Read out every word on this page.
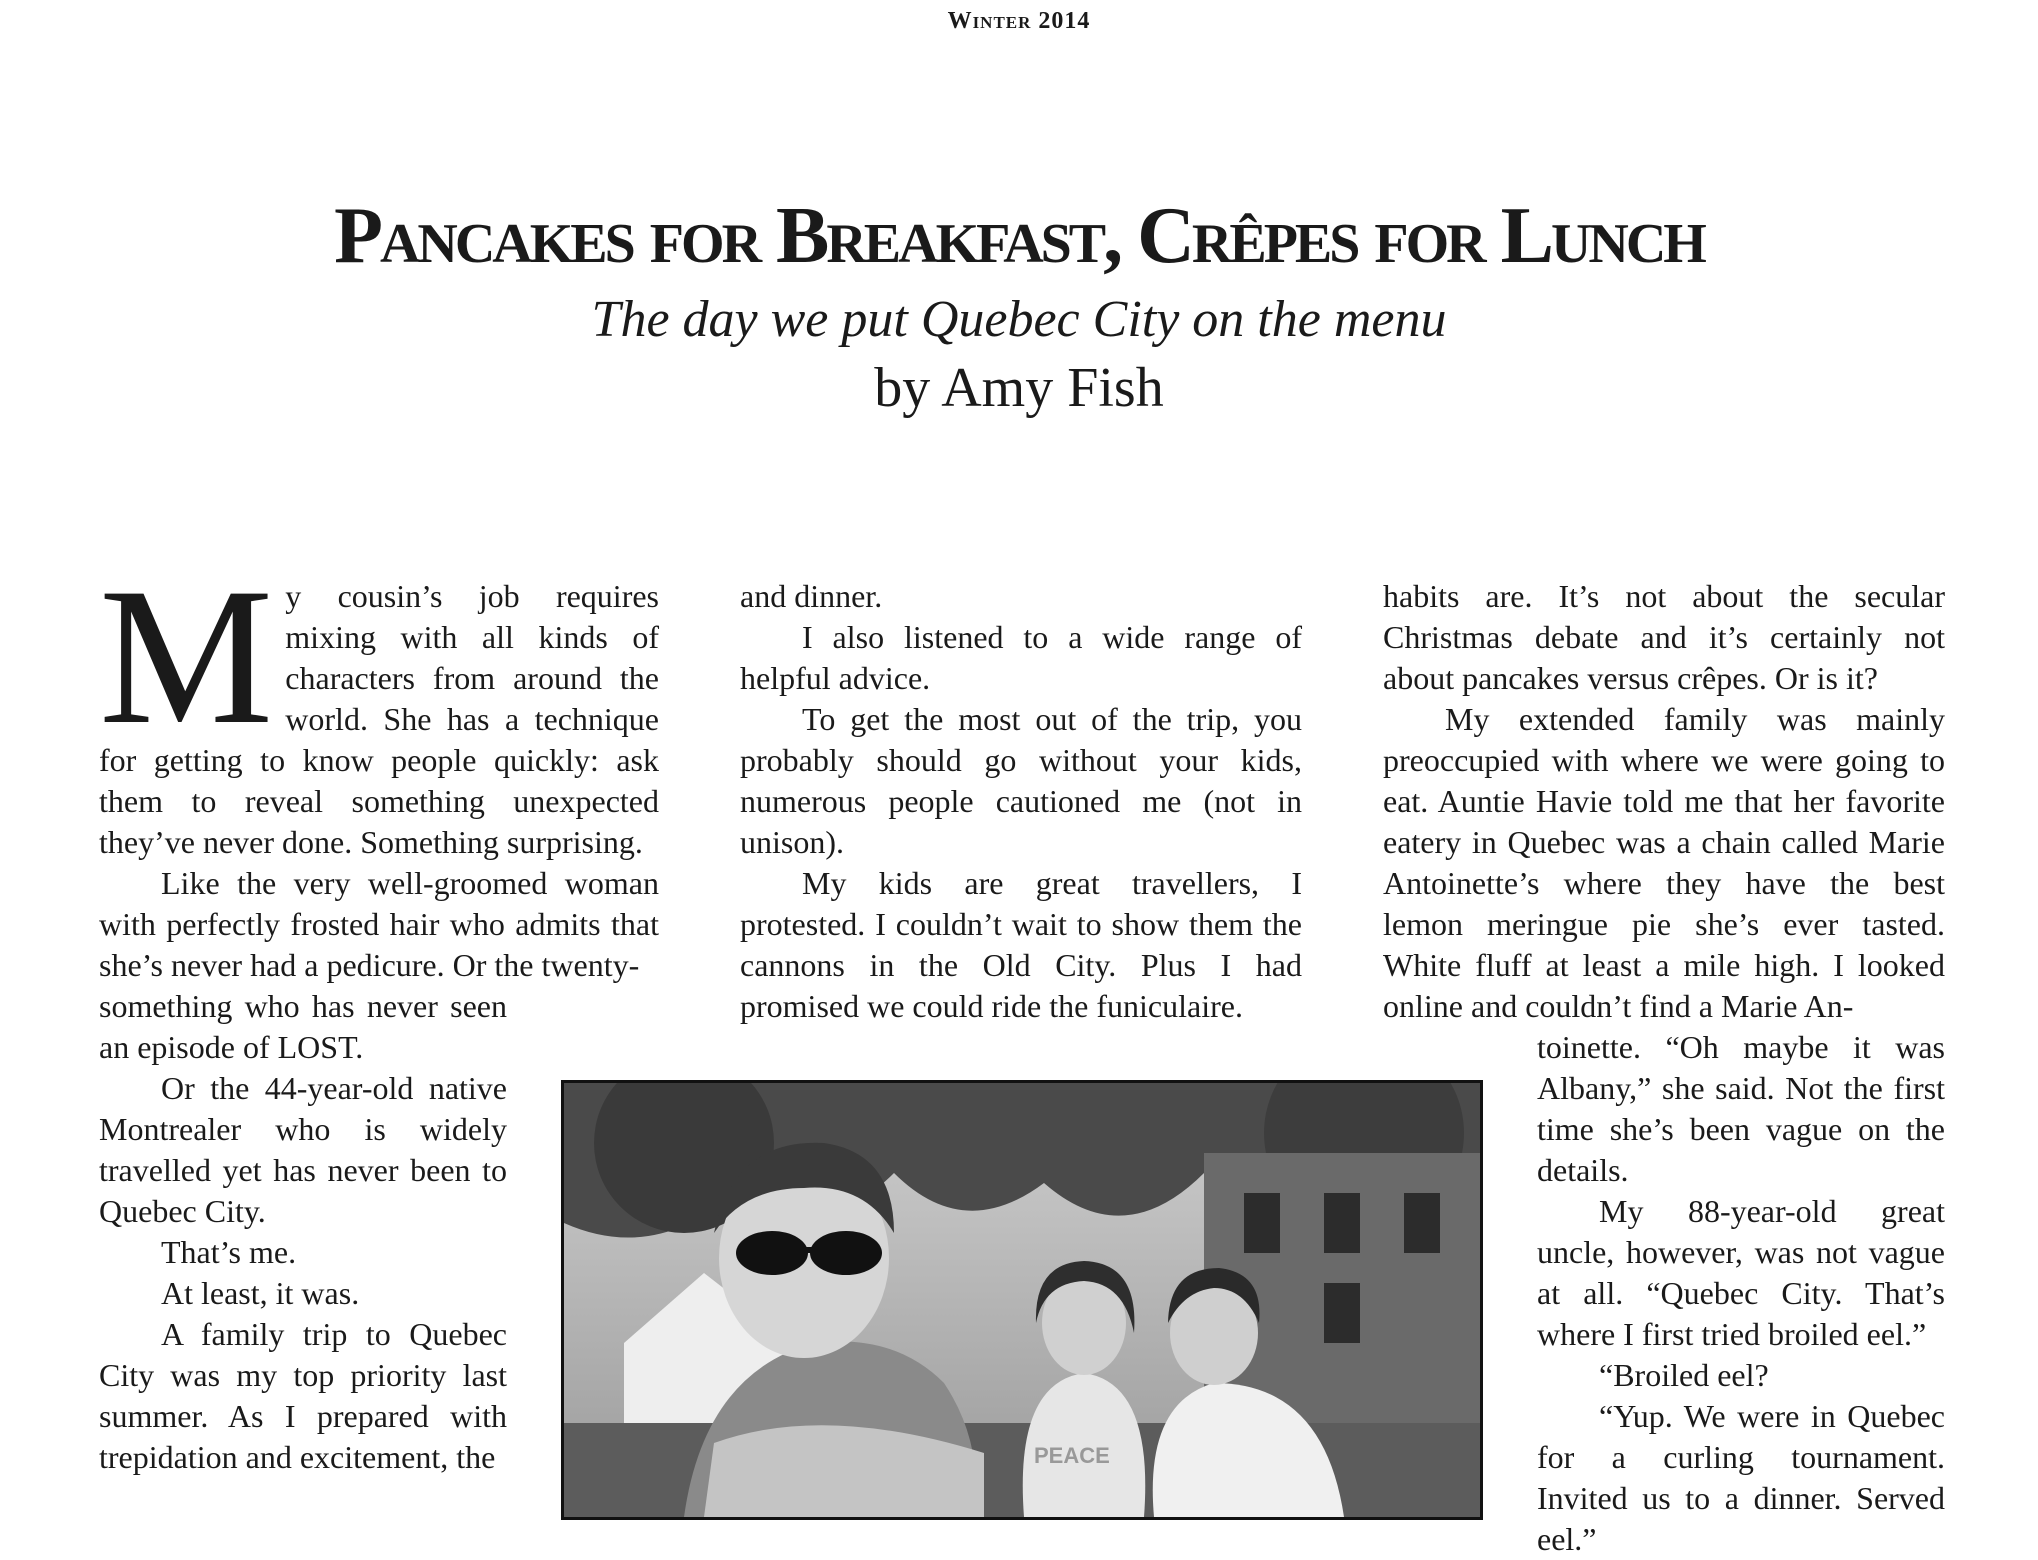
Winter 2014
Pancakes for Breakfast, Crêpes for Lunch
The day we put Quebec City on the menu
by Amy Fish

My cousin’s job requires mixing with all kinds of characters from around the world. She has a technique for getting to know people quickly: ask them to reveal something unexpected they’ve never done. Something surprising.

Like the very well-groomed woman with perfectly frosted hair who admits that she’s never had a pedicure. Or the twenty-

something who has never seen an episode of LOST.

Or the 44-year-old native Montrealer who is widely travelled yet has never been to Quebec City.

That’s me.

At least, it was.

A family trip to Quebec City was my top priority last summer. As I prepared with trepidation and excitement, the

and dinner.

I also listened to a wide range of helpful advice.

To get the most out of the trip, you probably should go without your kids, numerous people cautioned me (not in unison).

My kids are great travellers, I protested. I couldn’t wait to show them the cannons in the Old City. Plus I had promised we could ride the funiculaire.

habits are. It’s not about the secular Christmas debate and it’s certainly not about pancakes versus crêpes. Or is it?

My extended family was mainly preoccupied with where we were going to eat. Auntie Havie told me that her favorite eatery in Quebec was a chain called Marie Antoinette’s where they have the best lemon meringue pie she’s ever tasted. White fluff at least a mile high. I looked online and couldn’t find a Marie An-

toinette. “Oh maybe it was Albany,” she said. Not the first time she’s been vague on the details.

My 88-year-old great uncle, however, was not vague at all. “Quebec City. That’s where I first tried broiled eel.”

“Broiled eel?

“Yup. We were in Quebec for a curling tournament. Invited us to a dinner. Served eel.”

PEACE
